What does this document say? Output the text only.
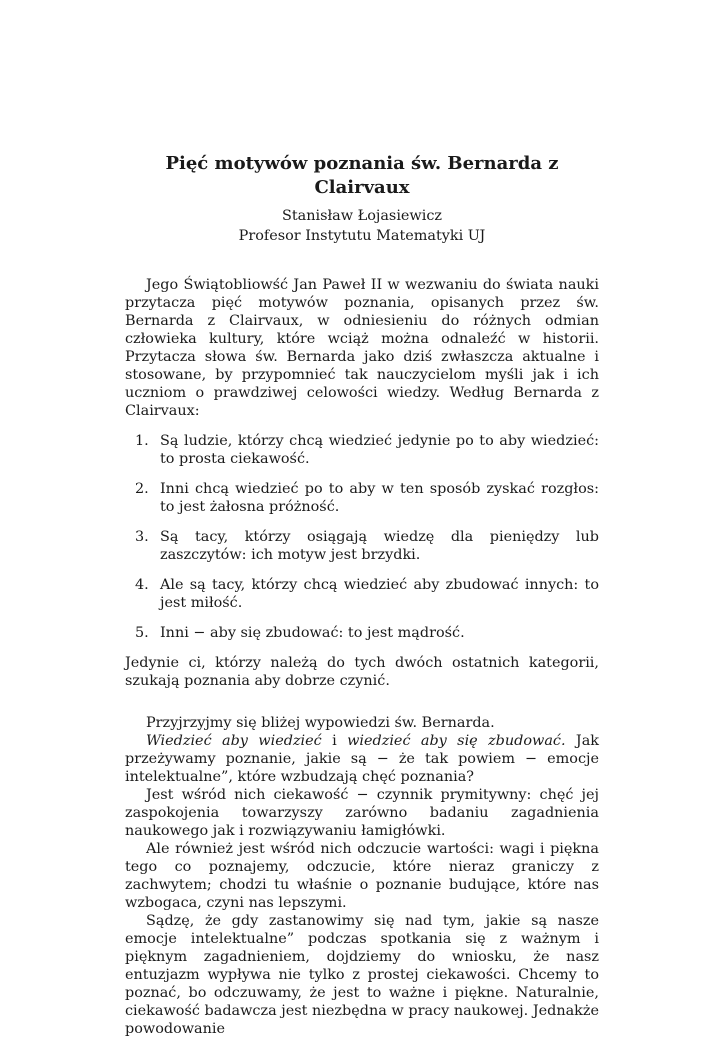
Pięć motywów poznania św. Bernarda z Clairvaux

Stanisław Łojasiewicz

Profesor Instytutu Matematyki UJ

Jego Świątobliowść Jan Paweł II w wezwaniu do świata nauki przytacza pięć motywów poznania, opisanych przez św. Bernarda z Clairvaux, w odniesieniu do różnych odmian człowieka kultury, które wciąż można odnaleźć w historii. Przytacza słowa św. Bernarda jako dziś zwłaszcza aktualne i stosowane, by przypomnieć tak nauczycielom myśli jak i ich uczniom o prawdziwej celowości wiedzy. Według Bernarda z Clairvaux:

1. Są ludzie, którzy chcą wiedzieć jedynie po to aby wiedzieć: to prosta ciekawość.
2. Inni chcą wiedzieć po to aby w ten sposób zyskać rozgłos: to jest żałosna próżność.
3. Są tacy, którzy osiągają wiedzę dla pieniędzy lub zaszczytów: ich motyw jest brzydki.
4. Ale są tacy, którzy chcą wiedzieć aby zbudować innych: to jest miłość.
5. Inni − aby się zbudować: to jest mądrość.

Jedynie ci, którzy należą do tych dwóch ostatnich kategorii, szukają poznania aby dobrze czynić.

Przyjrzyjmy się bliżej wypowiedzi św. Bernarda.

Wiedzieć aby wiedzieć i wiedzieć aby się zbudować. Jak przeżywamy poznanie, jakie są − że tak powiem − emocje intelektualne”, które wzbudzają chęć poznania?

Jest wśród nich ciekawość − czynnik prymitywny: chęć jej zaspokojenia towarzyszy zarówno badaniu zagadnienia naukowego jak i rozwiązywaniu łamigłówki.

Ale również jest wśród nich odczucie wartości: wagi i piękna tego co poznajemy, odczucie, które nieraz graniczy z zachwytem; chodzi tu właśnie o poznanie budujące, które nas wzbogaca, czyni nas lepszymi.

Sądzę, że gdy zastanowimy się nad tym, jakie są nasze emocje intelektualne” podczas spotkania się z ważnym i pięknym zagadnieniem, dojdziemy do wniosku, że nasz entuzjazm wypływa nie tylko z prostej ciekawości. Chcemy to poznać, bo odczuwamy, że jest to ważne i piękne. Naturalnie, ciekawość badawcza jest niezbędna w pracy naukowej. Jednakże powodowanie
